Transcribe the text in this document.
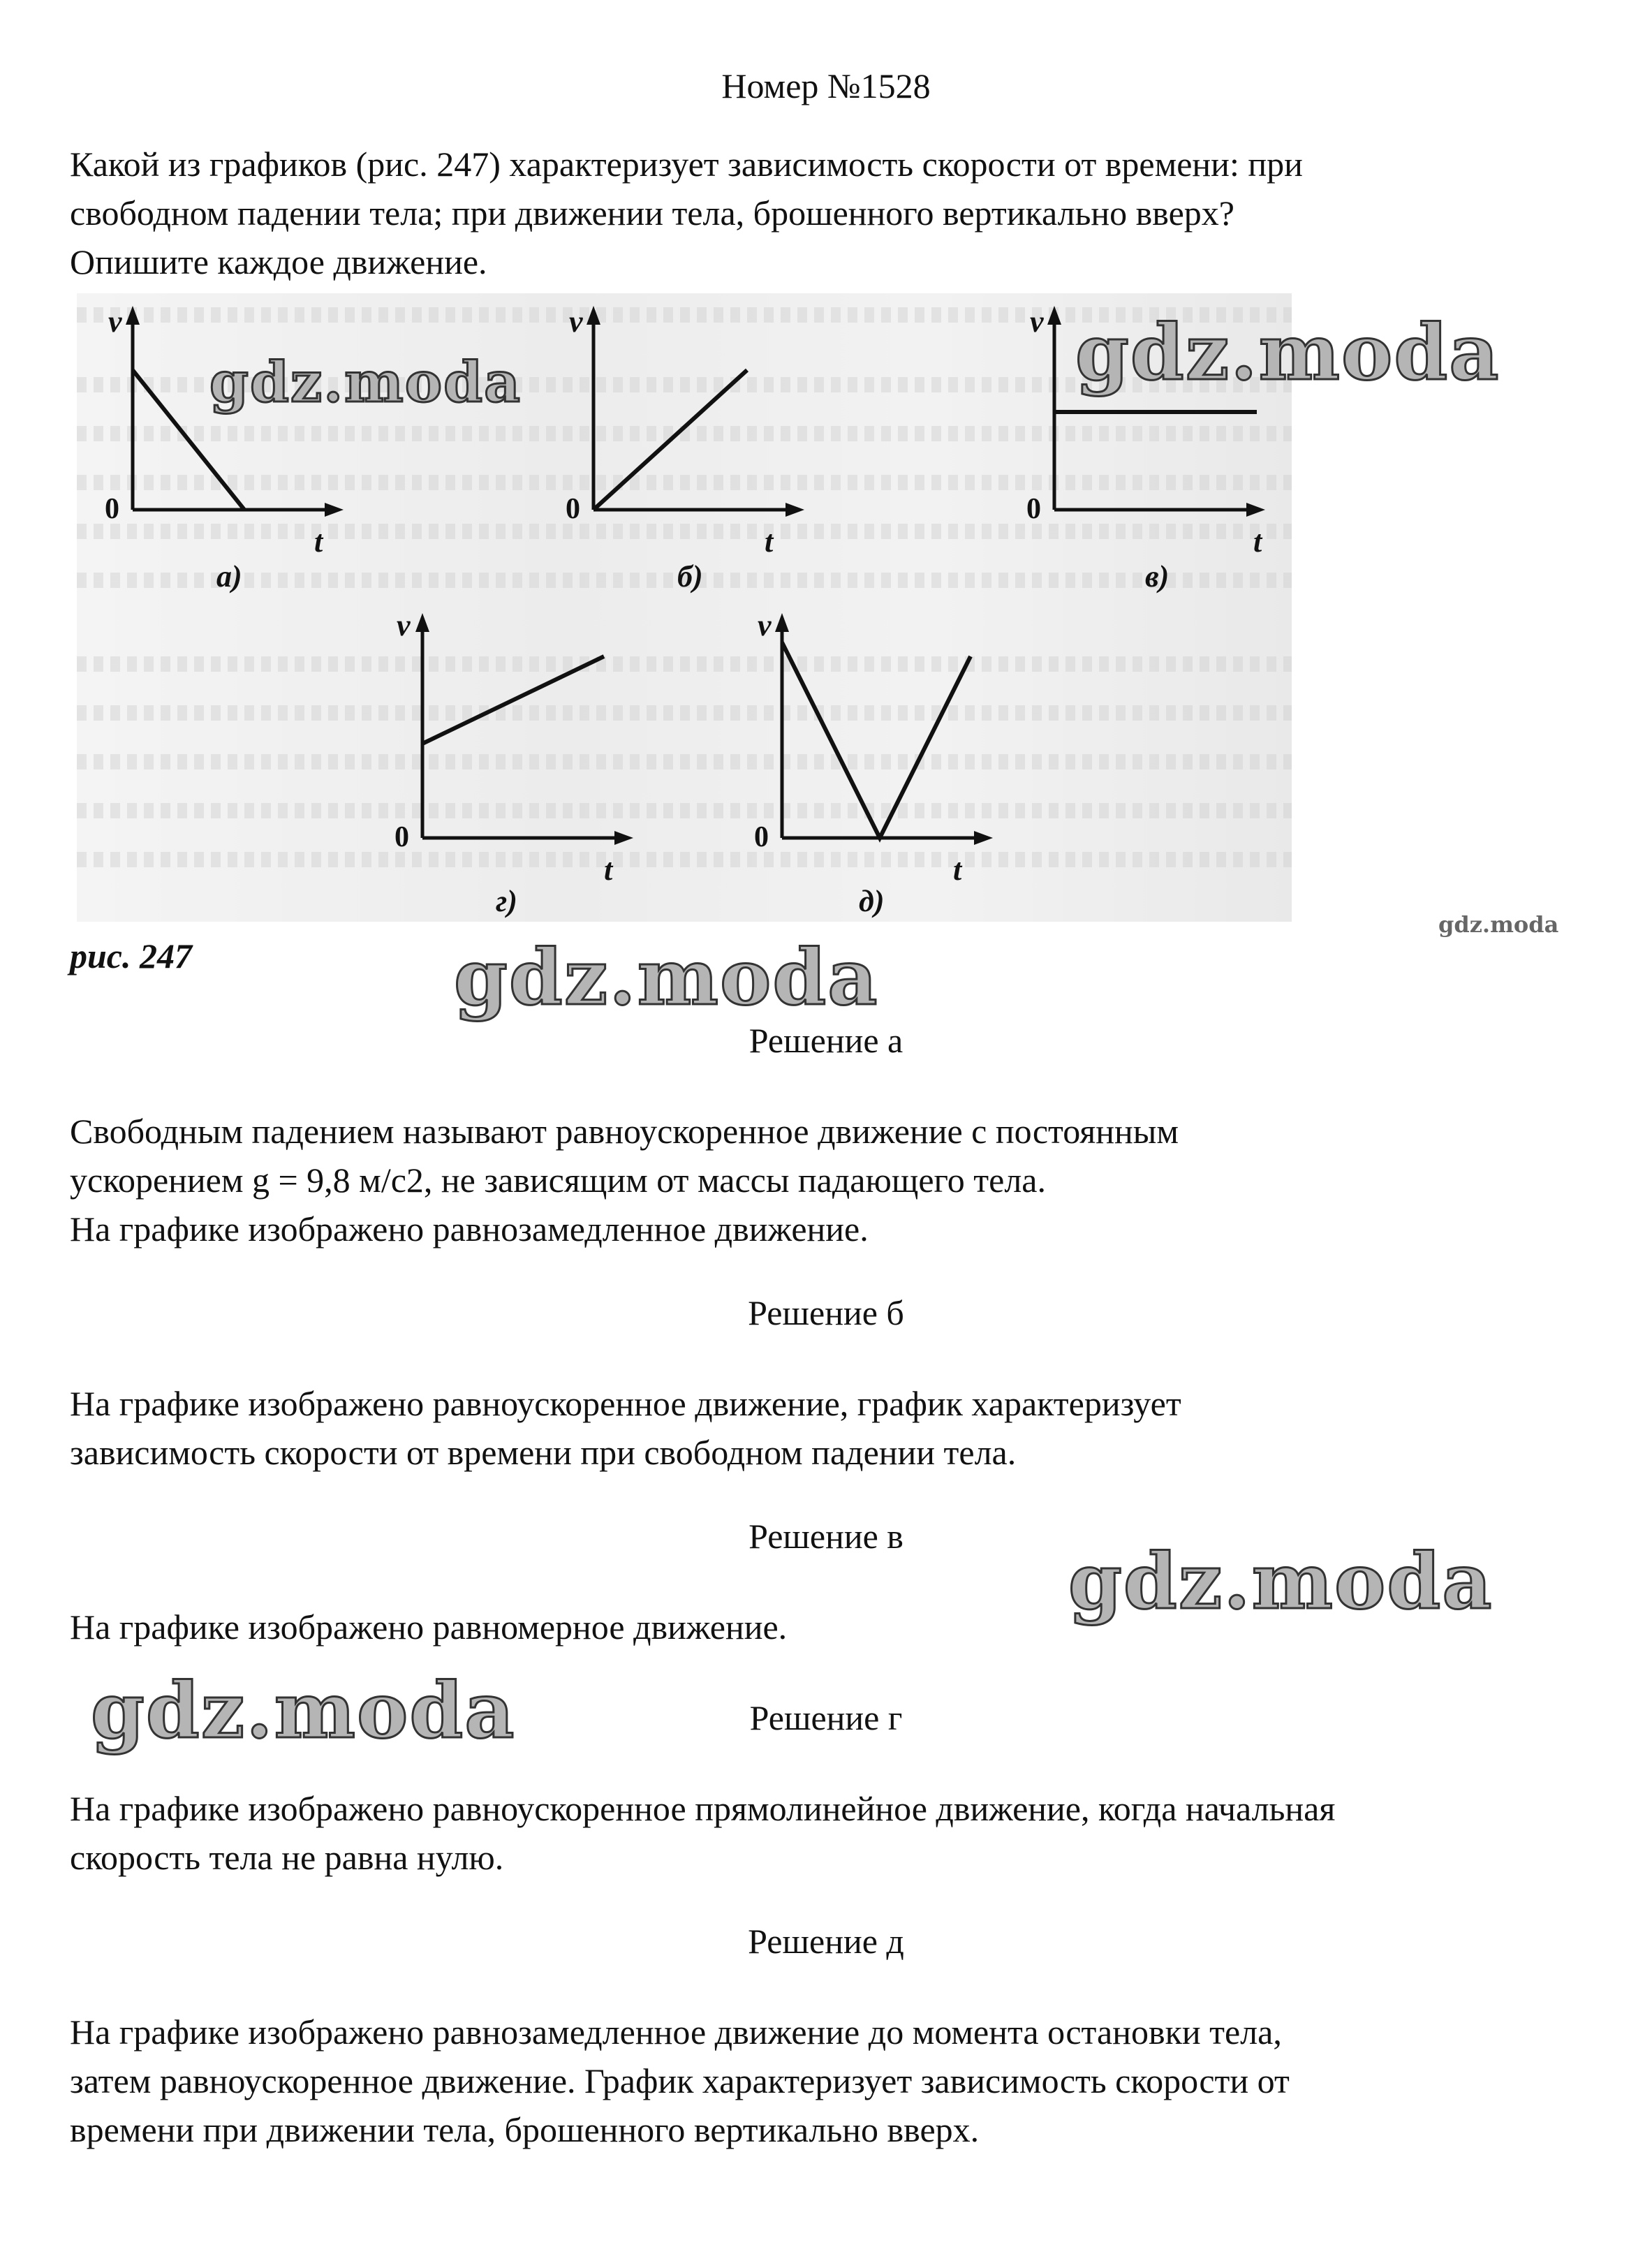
Номер №1528
Какой из графиков (рис. 247) характеризует зависимость скорости от времени: при
свободном падении тела; при движении тела, брошенного вертикально вверх?
Опишите каждое движение.
v
0
t
а)
v
0
t
б)
v
0
t
в)
v
0
t
г)
v
0
t
д)
рис. 247
gdz.moda	gdz.moda
gdz.moda
gdz.moda
gdz.moda
gdz.moda
Решение а
Свободным падением называют равноускоренное движение с постоянным
ускорением g = 9,8 м/с2, не зависящим от массы падающего тела.
На графике изображено равнозамедленное движение.
Решение б
На графике изображено равноускоренное движение, график характеризует
зависимость скорости от времени при свободном падении тела.
Решение в
На графике изображено равномерное движение.
Решение г
На графике изображено равноускоренное прямолинейное движение, когда начальная
скорость тела не равна нулю.
Решение д
На графике изображено равнозамедленное движение до момента остановки тела,
затем равноускоренное движение. График характеризует зависимость скорости от
времени при движении тела, брошенного вертикально вверх.
